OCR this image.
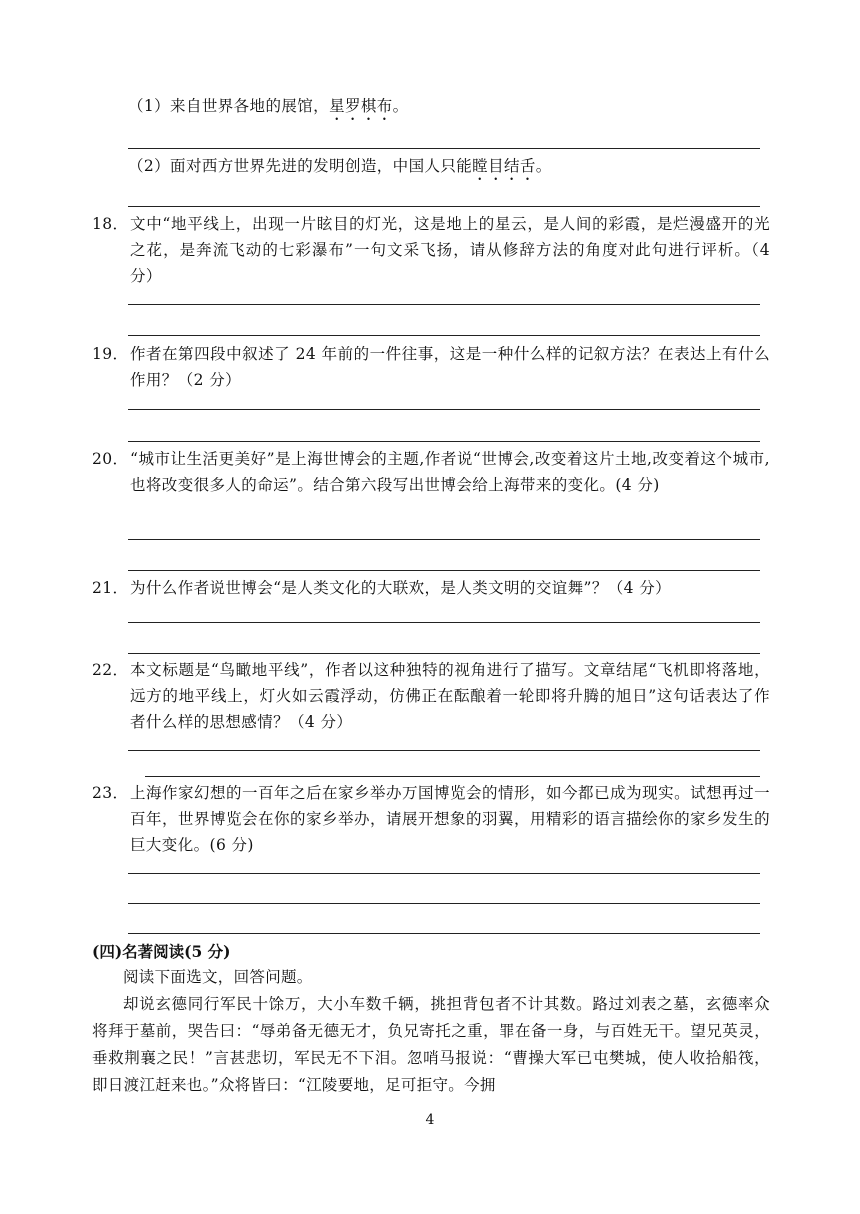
（1）来自世界各地的展馆，星罗棋布。
（2）面对西方世界先进的发明创造，中国人只能瞠目结舌。
18． 文中“地平线上，出现一片眩目的灯光，这是地上的星云，是人间的彩霞，是烂漫盛开的光之花，是奔流飞动的七彩瀑布”一句文采飞扬，请从修辞方法的角度对此句进行评析。（4 分）
19． 作者在第四段中叙述了 24 年前的一件往事，这是一种什么样的记叙方法？在表达上有什么作用？（2 分）
20． “城市让生活更美好”是上海世博会的主题,作者说“世博会,改变着这片土地,改变着这个城市,也将改变很多人的命运”。结合第六段写出世博会给上海带来的变化。(4 分)
21． 为什么作者说世博会“是人类文化的大联欢，是人类文明的交谊舞”？（4 分）
22． 本文标题是“鸟瞰地平线”，作者以这种独特的视角进行了描写。文章结尾“飞机即将落地，远方的地平线上，灯火如云霞浮动，仿佛正在酝酿着一轮即将升腾的旭日”这句话表达了作者什么样的思想感情？（4 分）
23． 上海作家幻想的一百年之后在家乡举办万国博览会的情形，如今都已成为现实。试想再过一百年，世界博览会在你的家乡举办，请展开想象的羽翼，用精彩的语言描绘你的家乡发生的巨大变化。(6 分)
(四)名著阅读(5 分)
阅读下面选文，回答问题。
却说玄德同行军民十馀万，大小车数千辆，挑担背包者不计其数。路过刘表之墓，玄德率众将拜于墓前，哭告曰：“辱弟备无德无才，负兄寄托之重，罪在备一身，与百姓无干。望兄英灵，垂救荆襄之民！”言甚悲切，军民无不下泪。忽哨马报说：“曹操大军已屯樊城，使人收拾船筏，即日渡江赶来也。”众将皆曰：“江陵要地，足可拒守。今拥
4
